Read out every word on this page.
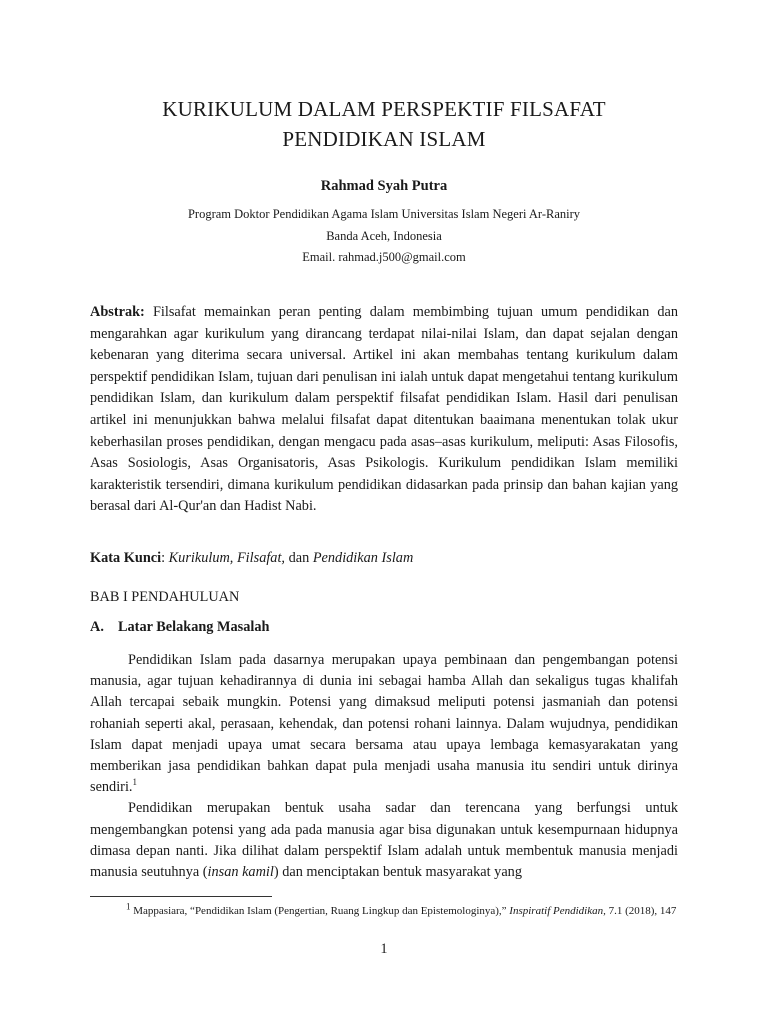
KURIKULUM DALAM PERSPEKTIF FILSAFAT
PENDIDIKAN ISLAM
Rahmad Syah Putra
Program Doktor Pendidikan Agama Islam Universitas Islam Negeri Ar-Raniry
Banda Aceh, Indonesia
Email. rahmad.j500@gmail.com
Abstrak: Filsafat memainkan peran penting dalam membimbing tujuan umum pendidikan dan mengarahkan agar kurikulum yang dirancang terdapat nilai-nilai Islam, dan dapat sejalan dengan kebenaran yang diterima secara universal. Artikel ini akan membahas tentang kurikulum dalam perspektif pendidikan Islam, tujuan dari penulisan ini ialah untuk dapat mengetahui tentang kurikulum pendidikan Islam, dan kurikulum dalam perspektif filsafat pendidikan Islam. Hasil dari penulisan artikel ini menunjukkan bahwa melalui filsafat dapat ditentukan baaimana menentukan tolak ukur keberhasilan proses pendidikan, dengan mengacu pada asas–asas kurikulum, meliputi: Asas Filosofis, Asas Sosiologis, Asas Organisatoris, Asas Psikologis. Kurikulum pendidikan Islam memiliki karakteristik tersendiri, dimana kurikulum pendidikan didasarkan pada prinsip dan bahan kajian yang berasal dari Al-Qur'an dan Hadist Nabi.
Kata Kunci: Kurikulum, Filsafat, dan Pendidikan Islam
BAB I PENDAHULUAN
A. Latar Belakang Masalah

Pendidikan Islam pada dasarnya merupakan upaya pembinaan dan pengembangan potensi manusia, agar tujuan kehadirannya di dunia ini sebagai hamba Allah dan sekaligus tugas khalifah Allah tercapai sebaik mungkin. Potensi yang dimaksud meliputi potensi jasmaniah dan potensi rohaniah seperti akal, perasaan, kehendak, dan potensi rohani lainnya. Dalam wujudnya, pendidikan Islam dapat menjadi upaya umat secara bersama atau upaya lembaga kemasyarakatan yang memberikan jasa pendidikan bahkan dapat pula menjadi usaha manusia itu sendiri untuk dirinya sendiri.$^1$

Pendidikan merupakan bentuk usaha sadar dan terencana yang berfungsi untuk mengembangkan potensi yang ada pada manusia agar bisa digunakan untuk kesempurnaan hidupnya dimasa depan nanti. Jika dilihat dalam perspektif Islam adalah untuk membentuk manusia menjadi manusia seutuhnya (insan kamil) dan menciptakan bentuk masyarakat yang

$^1$ Mappasiara, “Pendidikan Islam (Pengertian, Ruang Lingkup dan Epistemologinya),” Inspiratif Pendidikan, 7.1 (2018), 147
1
